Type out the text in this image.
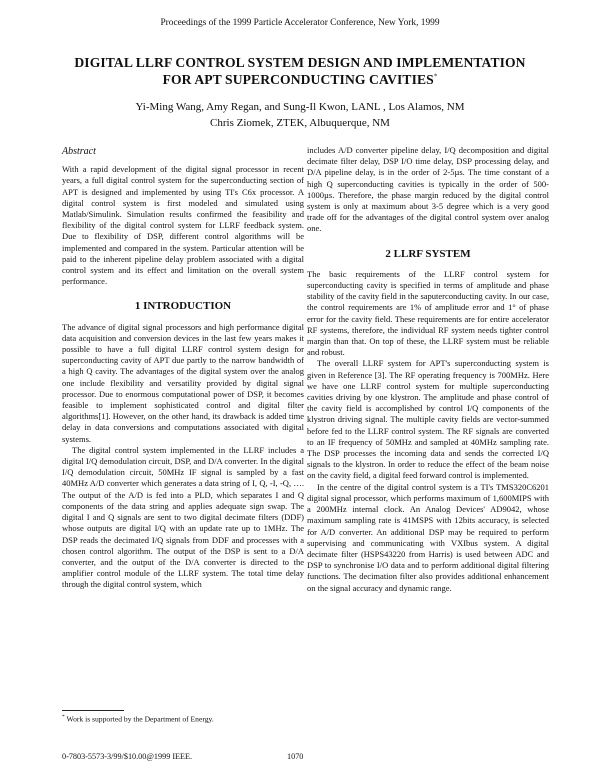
Proceedings of the 1999 Particle Accelerator Conference, New York, 1999
DIGITAL LLRF CONTROL SYSTEM DESIGN AND IMPLEMENTATION
FOR APT SUPERCONDUCTING CAVITIES*
Yi-Ming Wang, Amy Regan, and Sung-Il Kwon, LANL , Los Alamos, NM
Chris Ziomek, ZTEK, Albuquerque, NM
Abstract

With a rapid development of the digital signal processor in recent years, a full digital control system for the superconducting section of APT is designed and implemented by using TI's C6x processor. A digital control system is first modeled and simulated using Matlab/Simulink. Simulation results confirmed the feasibility and flexibility of the digital control system for LLRF feedback system. Due to flexibility of DSP, different control algorithms will be implemented and compared in the system. Particular attention will be paid to the inherent pipeline delay problem associated with a digital control system and its effect and limitation on the overall system performance.

1 INTRODUCTION

The advance of digital signal processors and high performance digital data acquisition and conversion devices in the last few years makes it possible to have a full digital LLRF control system design for superconducting cavity of APT due partly to the narrow bandwidth of a high Q cavity. The advantages of the digital system over the analog one include flexibility and versatility provided by digital signal processor. Due to enormous computational power of DSP, it becomes feasible to implement sophisticated control and digital filter algorithms[1]. However, on the other hand, its drawback is added time delay in data conversions and computations associated with digital systems.

The digital control system implemented in the LLRF includes a digital I/Q demodulation circuit, DSP, and D/A converter. In the digital I/Q demodulation circuit, 50MHz IF signal is sampled by a fast 40MHz A/D converter which generates a data string of I, Q, -I, -Q, …. The output of the A/D is fed into a PLD, which separates I and Q components of the data string and applies adequate sign swap. The digital I and Q signals are sent to two digital decimate filters (DDF) whose outputs are digital I/Q with an update rate up to 1MHz. The DSP reads the decimated I/Q signals from DDF and processes with a chosen control algorithm. The output of the DSP is sent to a D/A converter, and the output of the D/A converter is directed to the amplifier control module of the LLRF system. The total time delay through the digital control system, which

includes A/D converter pipeline delay, I/Q decomposition and digital decimate filter delay, DSP I/O time delay, DSP processing delay, and D/A pipeline delay, is in the order of 2-5µs. The time constant of a high Q superconducting cavities is typically in the order of 500-1000µs. Therefore, the phase margin reduced by the digital control system is only at maximum about 3-5 degree which is a very good trade off for the advantages of the digital control system over analog one.

2 LLRF SYSTEM

The basic requirements of the LLRF control system for superconducting cavity is specified in terms of amplitude and phase stability of the cavity field in the saputerconducting cavity. In our case, the control requirements are 1% of amplitude error and 1° of phase error for the cavity field. These requirements are for entire accelerator RF systems, therefore, the individual RF system needs tighter control margin than that. On top of these, the LLRF system must be reliable and robust.

The overall LLRF system for APT's superconducting system is given in Reference [3]. The RF operating frequency is 700MHz. Here we have one LLRF control system for multiple superconducting cavities driving by one klystron. The amplitude and phase control of the cavity field is accomplished by control I/Q components of the klystron driving signal. The multiple cavity fields are vector-summed before fed to the LLRF control system. The RF signals are converted to an IF frequency of 50MHz and sampled at 40MHz sampling rate. The DSP processes the incoming data and sends the corrected I/Q signals to the klystron. In order to reduce the effect of the beam noise on the cavity field, a digital feed forward control is implemented.

In the centre of the digital control system is a TI's TMS320C6201 digital signal processor, which performs maximum of 1,600MIPS with a 200MHz internal clock. An Analog Devices' AD9042, whose maximum sampling rate is 41MSPS with 12bits accuracy, is selected for A/D converter. An additional DSP may be required to perform supervising and communicating with VXIbus system. A digital decimate filter (HSPS43220 from Harris) is used between ADC and DSP to synchronise I/O data and to perform additional digital filtering functions. The decimation filter also provides additional enhancement on the signal accuracy and dynamic range.

* Work is supported by the Department of Energy.
0-7803-5573-3/99/$10.00@1999 IEEE.	1070
